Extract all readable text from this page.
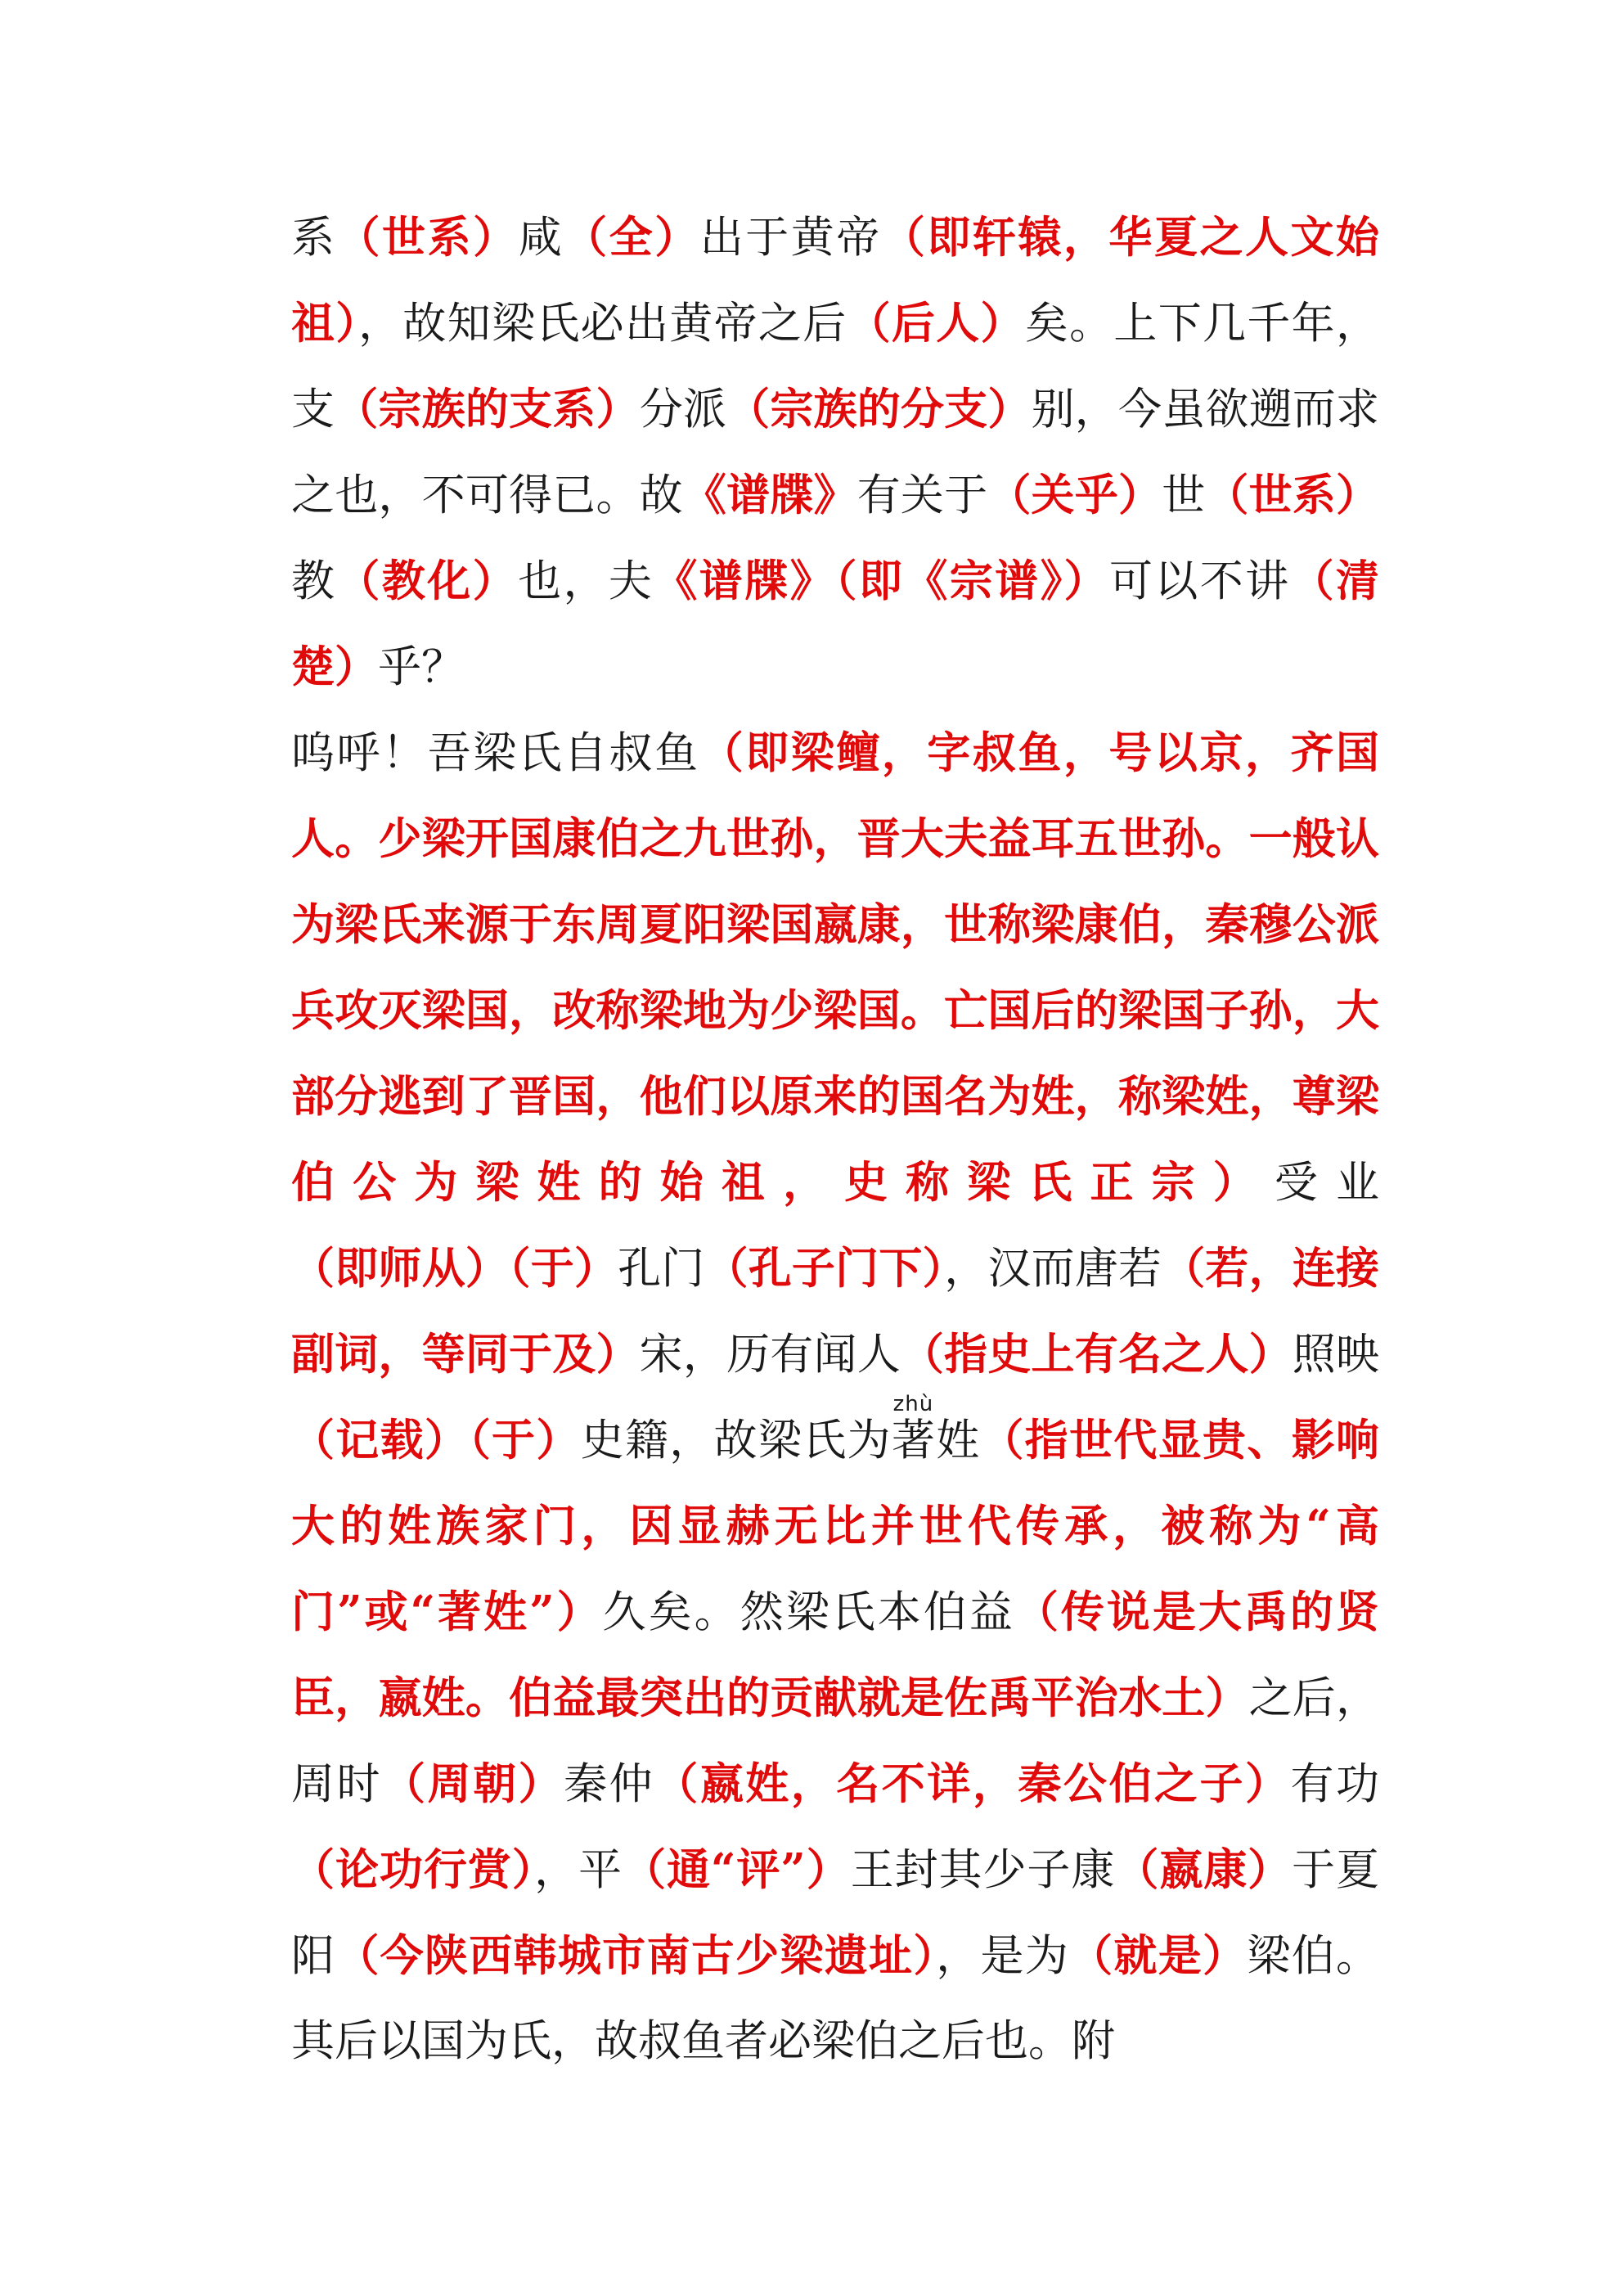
系（世系）咸（全）出于黄帝（即轩辕，华夏之人文始祖），故知梁氏必出黄帝之后（后人）矣。上下几千年，支（宗族的支系）分派（宗族的分支）别，今虽欲遡而求之也，不可得已。故《谱牒》有关于（关乎）世（世系）教（教化）也，夫《谱牒》（即《宗谱》）可以不讲（清楚）乎？

呜呼！吾梁氏自叔鱼（即梁鳣，字叔鱼，号以京，齐国人。少梁开国康伯之九世孙，晋大夫益耳五世孙。一般认为梁氏来源于东周夏阳梁国嬴康，世称梁康伯，秦穆公派兵攻灭梁国，改称梁地为少梁国。亡国后的梁国子孙，大部分逃到了晋国，他们以原来的国名为姓，称梁姓，尊梁伯公为梁姓的始祖，史称梁氏正宗）受业（即师从）（于）孔门（孔子门下），汉而唐若（若，连接副词，等同于及）宋，历有闻人（指史上有名之人）照映（记载）（于）史籍，故梁氏为著zhù姓（指世代显贵、影响大的姓族家门，因显赫无比并世代传承，被称为“高门”或“著姓”）久矣。然梁氏本伯益（传说是大禹的贤臣，嬴姓。伯益最突出的贡献就是佐禹平治水土）之后，周时（周朝）秦仲（嬴姓，名不详，秦公伯之子）有功（论功行赏），平（通“评”）王封其少子康（嬴康）于夏阳（今陕西韩城市南古少梁遗址），是为（就是）梁伯。其后以国为氏，故叔鱼者必梁伯之后也。附
